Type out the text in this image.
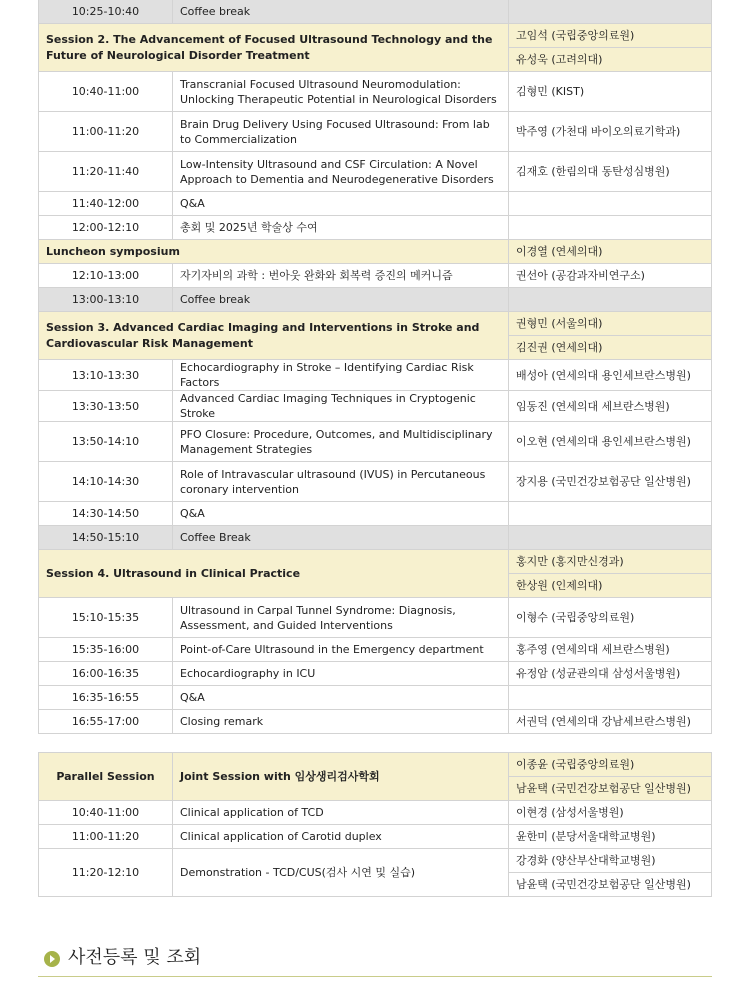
10:25-10:40	Coffee break	
Session 2. The Advancement of Focused Ultrasound Technology and the Future of Neurological Disorder Treatment		고임석 (국립중앙의료원)
		유성욱 (고려의대)
10:40-11:00	Transcranial Focused Ultrasound Neuromodulation: Unlocking Therapeutic Potential in Neurological Disorders	김형민 (KIST)
11:00-11:20	Brain Drug Delivery Using Focused Ultrasound: From lab to Commercialization	박주영 (가천대 바이오의료기학과)
11:20-11:40	Low-Intensity Ultrasound and CSF Circulation: A Novel Approach to Dementia and Neurodegenerative Disorders	김재호 (한림의대 동탄성심병원)
11:40-12:00	Q&A	
12:00-12:10	총회 및 2025년 학술상 수여	
Luncheon symposium		이경열 (연세의대)
12:10-13:00	자기자비의 과학 : 번아웃 완화와 회복력 증진의 메커니즘	권선아 (공감과자비연구소)
13:00-13:10	Coffee break	
Session 3. Advanced Cardiac Imaging and Interventions in Stroke and Cardiovascular Risk Management		권형민 (서울의대)
		김진권 (연세의대)
13:10-13:30	Echocardiography in Stroke – Identifying Cardiac Risk Factors	배성아 (연세의대 용인세브란스병원)
13:30-13:50	Advanced Cardiac Imaging Techniques in Cryptogenic Stroke	임동진 (연세의대 세브란스병원)
13:50-14:10	PFO Closure: Procedure, Outcomes, and Multidisciplinary Management Strategies	이오현 (연세의대 용인세브란스병원)
14:10-14:30	Role of Intravascular ultrasound (IVUS) in Percutaneous coronary intervention	장지용 (국민건강보험공단 일산병원)
14:30-14:50	Q&A	
14:50-15:10	Coffee Break	
Session 4. Ultrasound in Clinical Practice		홍지만 (홍지만신경과)
		한상원 (인제의대)
15:10-15:35	Ultrasound in Carpal Tunnel Syndrome: Diagnosis, Assessment, and Guided Interventions	이형수 (국립중앙의료원)
15:35-16:00	Point-of-Care Ultrasound in the Emergency department	홍주영 (연세의대 세브란스병원)
16:00-16:35	Echocardiography in ICU	유정암 (성균관의대 삼성서울병원)
16:35-16:55	Q&A	
16:55-17:00	Closing remark	서권덕 (연세의대 강남세브란스병원)
Parallel Session	Joint Session with 임상생리검사학회	이종윤 (국립중앙의료원)
		남윤택 (국민건강보험공단 일산병원)
10:40-11:00	Clinical application of TCD	이현경 (삼성서울병원)
11:00-11:20	Clinical application of Carotid duplex	윤한미 (분당서울대학교병원)
11:20-12:10	Demonstration - TCD/CUS(검사 시연 및 실습)	강경화 (양산부산대학교병원)
		남윤택 (국민건강보험공단 일산병원)
사전등록 및 조회
